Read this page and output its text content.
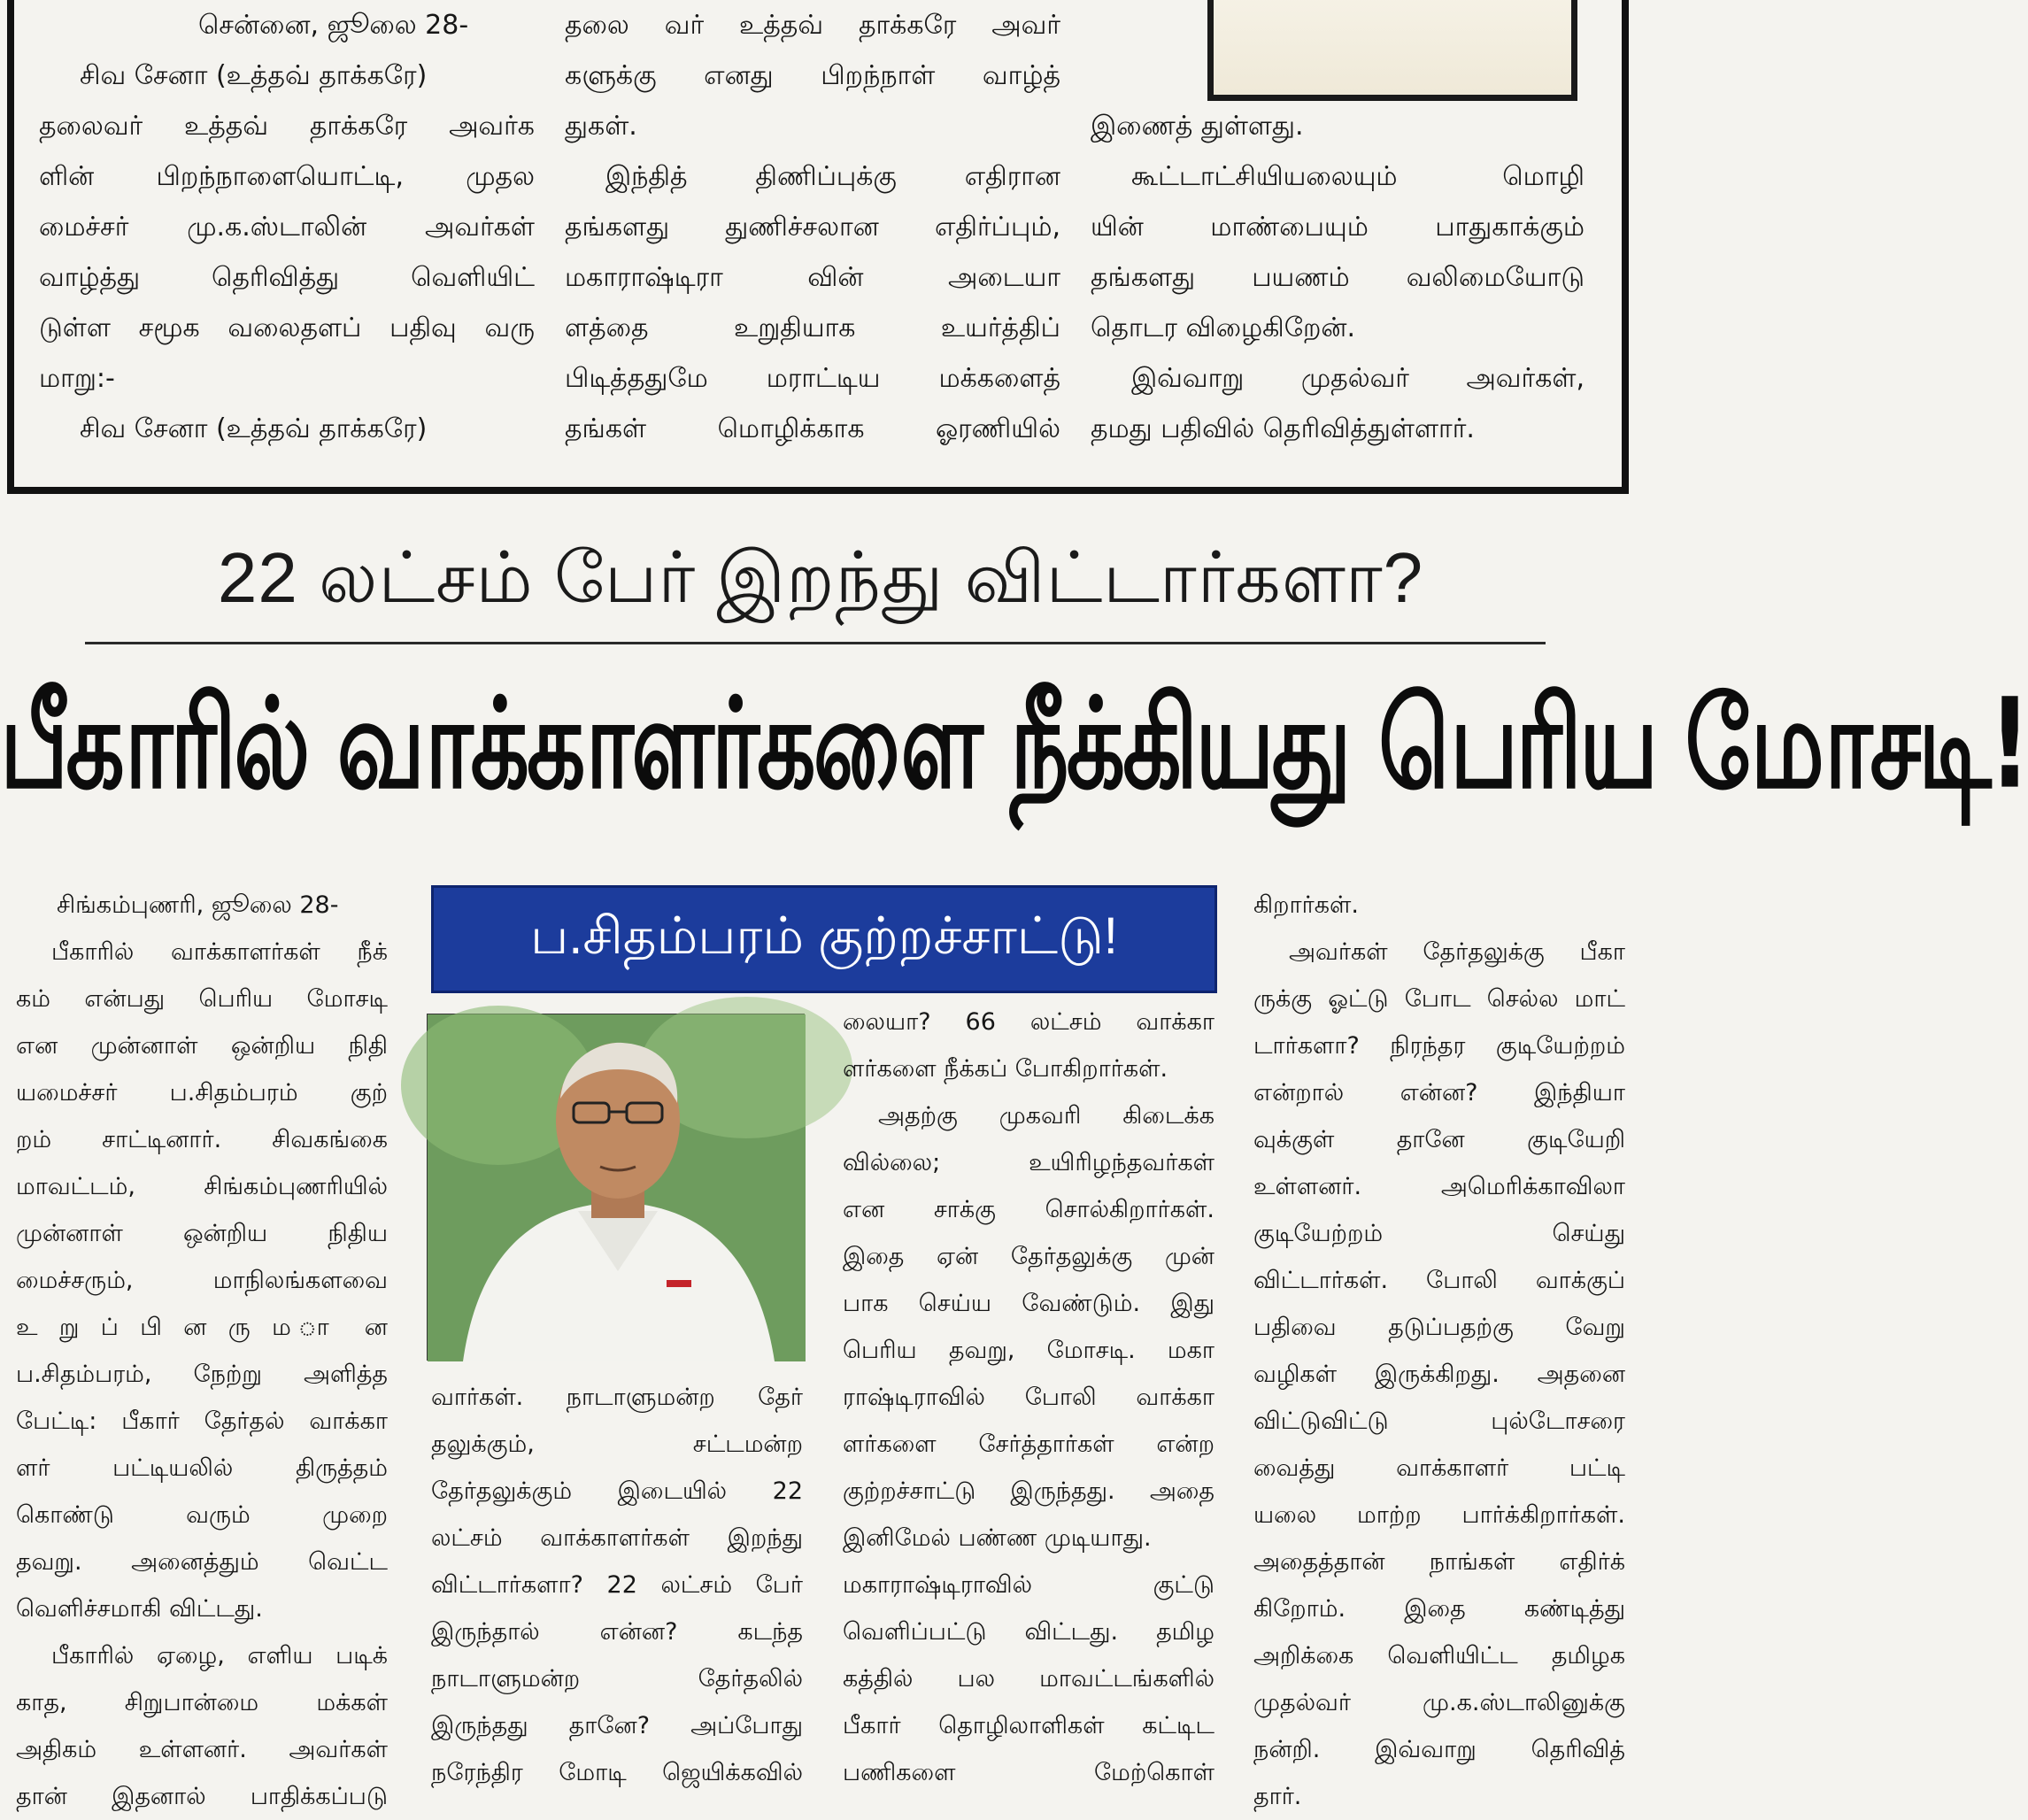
சென்னை, ஜூலை 28-

சிவ சேனா (உத்தவ் தாக்கரே)

தலைவர் உத்தவ் தாக்கரே அவர்க

ளின் பிறந்நாளையொட்டி, முதல

மைச்சர் மு.க.ஸ்டாலின் அவர்கள்

வாழ்த்து தெரிவித்து வெளியிட்

டுள்ள சமூக வலைதளப் பதிவு வரு

மாறு:-

சிவ சேனா (உத்தவ் தாக்கரே)

தலை வர் உத்தவ் தாக்கரே அவர்

களுக்கு எனது பிறந்நாள் வாழ்த்

துகள்.

இந்தித் திணிப்புக்கு எதிரான

தங்களது துணிச்சலான எதிர்ப்பும்,

மகாராஷ்டிரா வின் அடையா

ளத்தை உறுதியாக உயர்த்திப்

பிடித்ததுமே மராட்டிய மக்களைத்

தங்கள் மொழிக்காக ஓரணியில்

இணைத் துள்ளது.

கூட்டாட்சியியலையும் மொழி

யின் மாண்பையும் பாதுகாக்கும்

தங்களது பயணம் வலிமையோடு

தொடர விழைகிறேன்.

இவ்வாறு முதல்வர் அவர்கள்,

தமது பதிவில் தெரிவித்துள்ளார்.

22 லட்சம் பேர் இறந்து விட்டார்களா?
பீகாரில் வாக்காளர்களை நீக்கியது பெரிய மோசடி!
ப.சிதம்பரம் குற்றச்சாட்டு!

சிங்கம்புணரி, ஜூலை 28-

பீகாரில் வாக்காளர்கள் நீக்

கம் என்பது பெரிய மோசடி

என முன்னாள் ஒன்றிய நிதி

யமைச்சர் ப.சிதம்பரம் குற்

றம் சாட்டினார். சிவகங்கை

மாவட்டம், சிங்கம்புணரியில்

முன்னாள் ஒன்றிய நிதிய

மைச்சரும், மாநிலங்களவை

உ று ப் பி ன ரு ம ா ன

ப.சிதம்பரம், நேற்று அளித்த

பேட்டி: பீகார் தேர்தல் வாக்கா

ளர் பட்டியலில் திருத்தம்

கொண்டு வரும் முறை

தவறு. அனைத்தும் வெட்ட

வெளிச்சமாகி விட்டது.

பீகாரில் ஏழை, எளிய படிக்

காத, சிறுபான்மை மக்கள்

அதிகம் உள்ளனர். அவர்கள்

தான் இதனால் பாதிக்கப்படு

வார்கள். நாடாளுமன்ற தேர்

தலுக்கும், சட்டமன்ற

தேர்தலுக்கும் இடையில் 22

லட்சம் வாக்காளர்கள் இறந்து

விட்டார்களா? 22 லட்சம் பேர்

இருந்தால் என்ன? கடந்த

நாடாளுமன்ற தேர்தலில்

இருந்தது தானே? அப்போது

நரேந்திர மோடி ஜெயிக்கவில்

லையா? 66 லட்சம் வாக்கா

ளர்களை நீக்கப் போகிறார்கள்.

அதற்கு முகவரி கிடைக்க

வில்லை; உயிரிழந்தவர்கள்

என சாக்கு சொல்கிறார்கள்.

இதை ஏன் தேர்தலுக்கு முன்

பாக செய்ய வேண்டும். இது

பெரிய தவறு, மோசடி. மகா

ராஷ்டிராவில் போலி வாக்கா

ளர்களை சேர்த்தார்கள் என்ற

குற்றச்சாட்டு இருந்தது. அதை

இனிமேல் பண்ண முடியாது.

மகாராஷ்டிராவில் குட்டு

வெளிப்பட்டு விட்டது. தமிழ

கத்தில் பல மாவட்டங்களில்

பீகார் தொழிலாளிகள் கட்டிட

பணிகளை மேற்கொள்

கிறார்கள்.

அவர்கள் தேர்தலுக்கு பீகா

ருக்கு ஓட்டு போட செல்ல மாட்

டார்களா? நிரந்தர குடியேற்றம்

என்றால் என்ன? இந்தியா

வுக்குள் தானே குடியேறி

உள்ளனர். அமெரிக்காவிலா

குடியேற்றம் செய்து

விட்டார்கள். போலி வாக்குப்

பதிவை தடுப்பதற்கு வேறு

வழிகள் இருக்கிறது. அதனை

விட்டுவிட்டு புல்டோசரை

வைத்து வாக்காளர் பட்டி

யலை மாற்ற பார்க்கிறார்கள்.

அதைத்தான் நாங்கள் எதிர்க்

கிறோம். இதை கண்டித்து

அறிக்கை வெளியிட்ட தமிழக

முதல்வர் மு.க.ஸ்டாலினுக்கு

நன்றி. இவ்வாறு தெரிவித்

தார்.
